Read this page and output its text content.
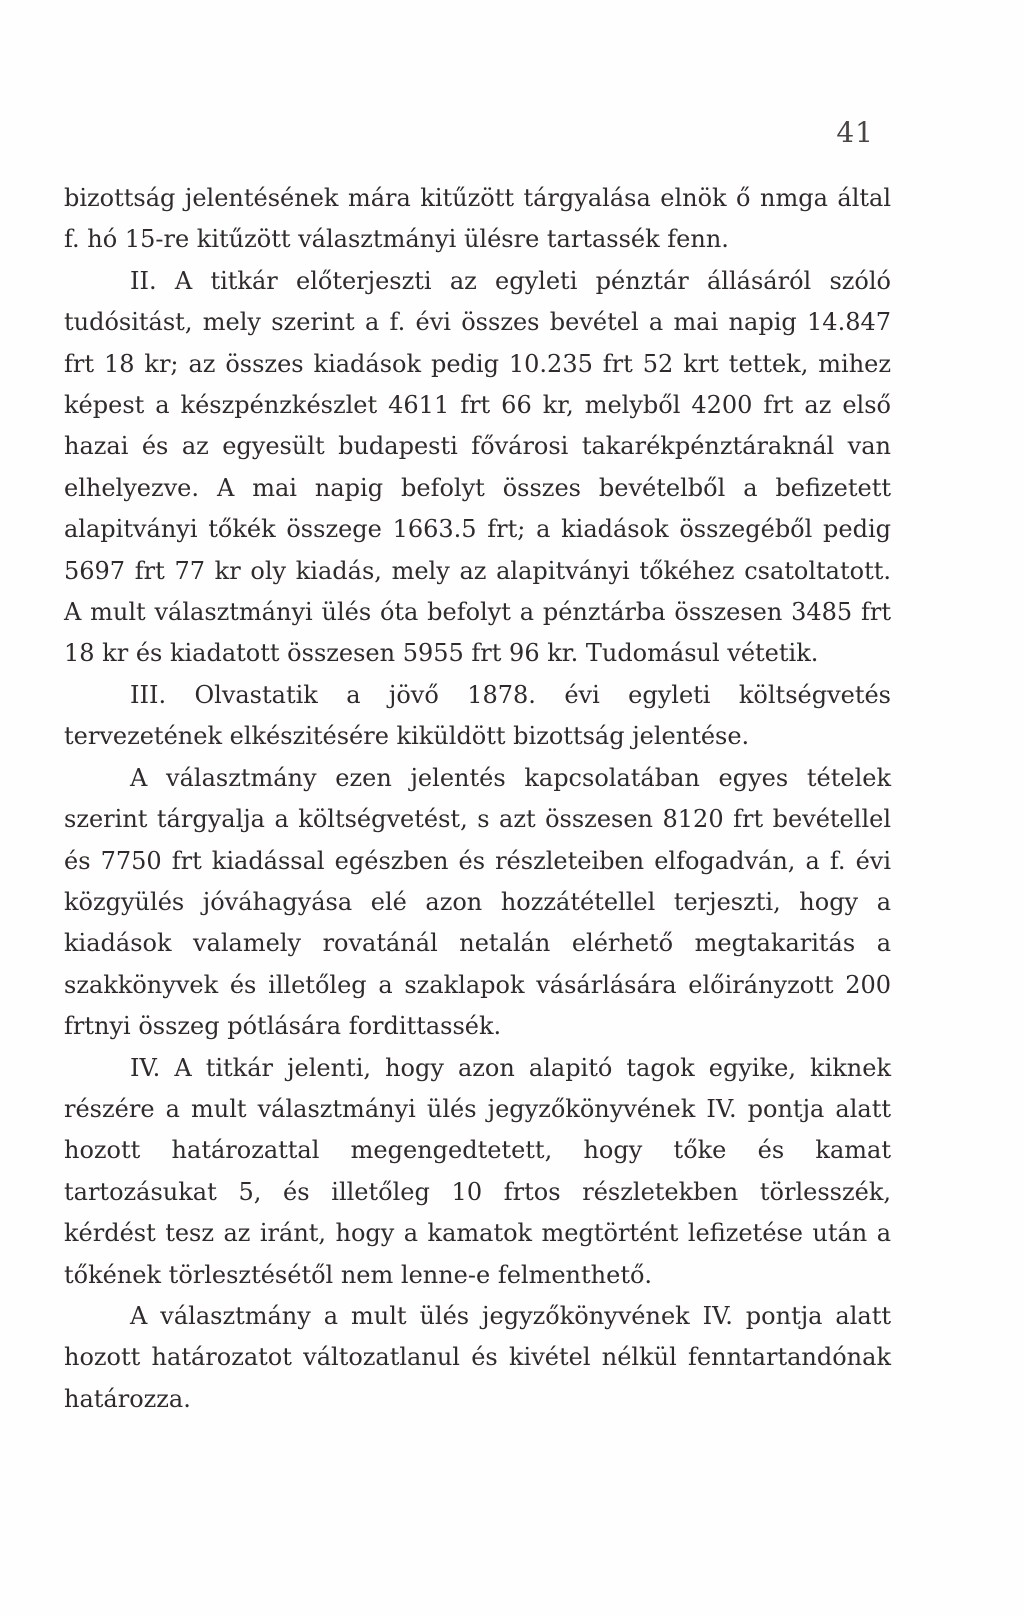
41

bizottság jelentésének mára kitűzött tárgyalása elnök ő nmga által f. hó 15-re kitűzött választmányi ülésre tartassék fenn.

II. A titkár előterjeszti az egyleti pénztár állásáról szóló tudósitást, mely szerint a f. évi összes bevétel a mai napig 14.847 frt 18 kr; az összes kiadások pedig 10.235 frt 52 krt tettek, mihez képest a készpénzkészlet 4611 frt 66 kr, melyből 4200 frt az első hazai és az egyesült budapesti fővárosi takarékpénztáraknál van elhelyezve. A mai napig befolyt összes bevételből a befizetett alapitványi tőkék összege 1663.5 frt; a kiadások összegéből pedig 5697 frt 77 kr oly kiadás, mely az alapitványi tőkéhez csatoltatott. A mult választmányi ülés óta befolyt a pénztárba összesen 3485 frt 18 kr és kiadatott összesen 5955 frt 96 kr. Tudomásul vétetik.

III. Olvastatik a jövő 1878. évi egyleti költségvetés tervezetének elkészitésére kiküldött bizottság jelentése.

A választmány ezen jelentés kapcsolatában egyes tételek szerint tárgyalja a költségvetést, s azt összesen 8120 frt bevétellel és 7750 frt kiadással egészben és részleteiben elfogadván, a f. évi közgyülés jóváhagyása elé azon hozzátétellel terjeszti, hogy a kiadások valamely rovatánál netalán elérhető megtakaritás a szakkönyvek és illetőleg a szaklapok vásárlására előirányzott 200 frtnyi összeg pótlására fordittassék.

IV. A titkár jelenti, hogy azon alapitó tagok egyike, kiknek részére a mult választmányi ülés jegyzőkönyvének IV. pontja alatt hozott határozattal megengedtetett, hogy tőke és kamat tartozásukat 5, és illetőleg 10 frtos részletekben törlesszék, kérdést tesz az iránt, hogy a kamatok megtörtént lefizetése után a tőkének törlesztésétől nem lenne-e felmenthető.

A választmány a mult ülés jegyzőkönyvének IV. pontja alatt hozott határozatot változatlanul és kivétel nélkül fenntartandónak határozza.
